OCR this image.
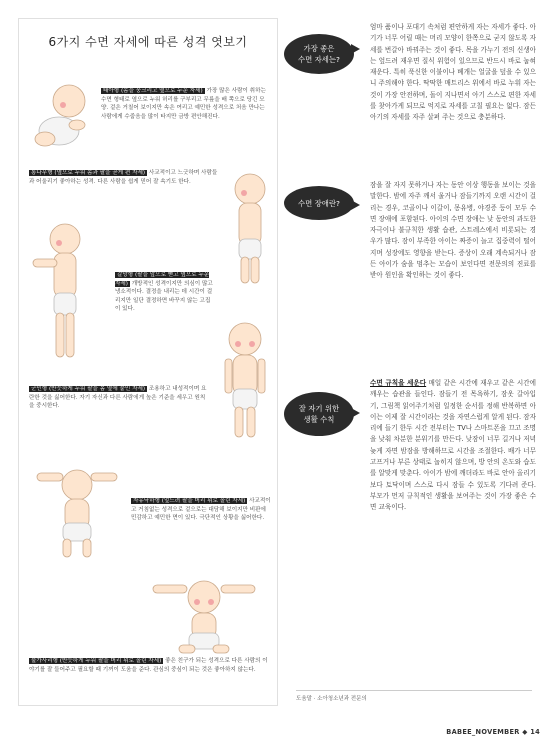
6가지 수면 자세에 따른 성격 엿보기
태아형 (몸을 웅크리고 옆으로 누운 자세) 가장 많은 사람이 취하는 수면 형태로 옆으로 누워 허리를 구부리고 무릎을 배 쪽으로 당긴 모양. 겉은 거칠어 보이지만 속은 여리고 예민한 성격으로 처음 만나는 사람에게 수줍음을 많이 타지만 금방 편안해진다.
통나무형 (옆으로 누워 몸과 팔을 곧게 편 자세) 사교적이고 느긋하며 사람들과 어울리기 좋아하는 성격. 다른 사람을 쉽게 믿어 잘 속기도 한다.
갈망형 (팔을 앞으로 뻗고 옆으로 누운 자세) 개방적인 성격이지만 의심이 많고 냉소적이다. 결정을 내리는 데 시간이 걸리지만 일단 결정하면 바꾸지 않는 고집이 있다.
군인형 (반듯하게 누워 팔을 몸 옆에 붙인 자세) 조용하고 내성적이며 요란한 것을 싫어한다. 자기 자신과 다른 사람에게 높은 기준을 세우고 원칙을 중시한다.
자유낙하형 (엎드려 팔을 머리 위로 올린 자세) 사교적이고 거침없는 성격으로 겉으로는 대담해 보이지만 비판에 민감하고 예민한 면이 있다. 극단적인 상황을 싫어한다.
불가사리형 (반듯하게 누워 팔을 머리 위로 올린 자세) 좋은 친구가 되는 성격으로 다른 사람의 이야기를 잘 들어주고 필요할 때 기꺼이 도움을 준다. 관심의 중심이 되는 것은 좋아하지 않는다.
가장 좋은
수면 자세는?
엄마 품이나 포대기 속처럼 편안하게 자는 자세가 좋다. 아기가 너무 어릴 때는 머리 모양이 한쪽으로 굳지 않도록 자세를 번갈아 바꿔주는 것이 좋다. 목을 가누기 전의 신생아는 엎드려 재우면 질식 위험이 있으므로 반드시 바로 눕혀 재운다. 특히 푹신한 이불이나 베개는 얼굴을 덮을 수 있으니 주의해야 한다. 딱딱한 매트리스 위에서 바로 누워 자는 것이 가장 안전하며, 돌이 지나면서 아기 스스로 편한 자세를 찾아가게 되므로 억지로 자세를 고칠 필요는 없다. 잠든 아기의 자세를 자주 살펴 주는 것으로 충분하다.
수면 장애란?
잠을 잘 자지 못하거나 자는 동안 이상 행동을 보이는 것을 말한다. 밤에 자주 깨서 울거나 잠들기까지 오랜 시간이 걸리는 경우, 코골이나 이갈이, 몽유병, 야경증 등이 모두 수면 장애에 포함된다. 아이의 수면 장애는 낮 동안의 과도한 자극이나 불규칙한 생활 습관, 스트레스에서 비롯되는 경우가 많다. 잠이 부족한 아이는 짜증이 늘고 집중력이 떨어지며 성장에도 영향을 받는다. 증상이 오래 계속되거나 잠든 아이가 숨을 멈추는 모습이 보인다면 전문의의 진료를 받아 원인을 확인하는 것이 좋다.
잘 자기 위한
생활 수칙
수면 규칙을 세운다 매일 같은 시간에 재우고 같은 시간에 깨우는 습관을 들인다. 잠들기 전 목욕하기, 잠옷 갈아입기, 그림책 읽어주기처럼 일정한 순서를 정해 반복하면 아이는 이제 잘 시간이라는 것을 자연스럽게 알게 된다. 잠자리에 들기 한두 시간 전부터는 TV나 스마트폰을 끄고 조명을 낮춰 차분한 분위기를 만든다. 낮잠이 너무 길거나 저녁 늦게 자면 밤잠을 방해하므로 시간을 조절한다. 배가 너무 고프거나 부른 상태로 눕히지 않으며, 방 안의 온도와 습도를 알맞게 맞춘다. 아이가 밤에 깨더라도 바로 안아 올리기보다 토닥이며 스스로 다시 잠들 수 있도록 기다려 준다. 부모가 먼저 규칙적인 생활을 보여주는 것이 가장 좋은 수면 교육이다.
도움말 · 소아청소년과 전문의
BABEE_NOVEMBER ◆ 14
